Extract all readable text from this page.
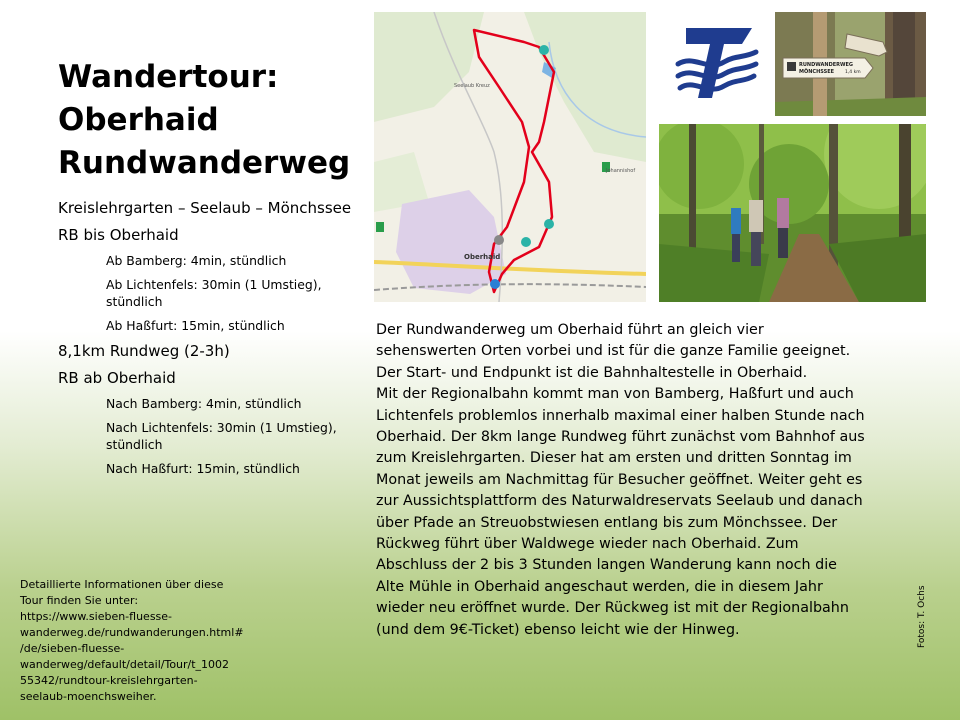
Wandertour:
Oberhaid
Rundwanderweg

Kreislehrgarten – Seelaub – Mönchssee

RB bis Oberhaid

Ab Bamberg: 4min, stündlich

Ab Lichtenfels: 30min (1 Umstieg), stündlich

Ab Haßfurt: 15min, stündlich

8,1km Rundweg (2-3h)

RB ab Oberhaid

Nach Bamberg: 4min, stündlich

Nach Lichtenfels: 30min (1 Umstieg), stündlich

Nach Haßfurt: 15min, stündlich

Detaillierte Informationen über diese
Tour finden Sie unter:
https://www.sieben-fluesse-
wanderweg.de/rundwanderungen.html#
/de/sieben-fluesse-
wanderweg/default/detail/Tour/t_1002
55342/rundtour-kreislehrgarten-
seelaub-moenchsweiher.

Seelaub Kreuz
Johannishof
Oberhaid
RUNDWANDERWEG
MÖNCHSSEE 1,4 km
Der Rundwanderweg um Oberhaid führt an gleich vier
sehenswerten Orten vorbei und ist für die ganze Familie geeignet.
Der Start- und Endpunkt ist die Bahnhaltestelle in Oberhaid.
Mit der Regionalbahn kommt man von Bamberg, Haßfurt und auch
Lichtenfels problemlos innerhalb maximal einer halben Stunde nach
Oberhaid. Der 8km lange Rundweg führt zunächst vom Bahnhof aus
zum Kreislehrgarten. Dieser hat am ersten und dritten Sonntag im
Monat jeweils am Nachmittag für Besucher geöffnet. Weiter geht es
zur Aussichtsplattform des Naturwaldreservats Seelaub und danach
über Pfade an Streuobstwiesen entlang bis zum Mönchssee. Der
Rückweg führt über Waldwege wieder nach Oberhaid. Zum
Abschluss der 2 bis 3 Stunden langen Wanderung kann noch die
Alte Mühle in Oberhaid angeschaut werden, die in diesem Jahr
wieder neu eröffnet wurde. Der Rückweg ist mit der Regionalbahn
(und dem 9€-Ticket) ebenso leicht wie der Hinweg.	Fotos: T. Ochs
